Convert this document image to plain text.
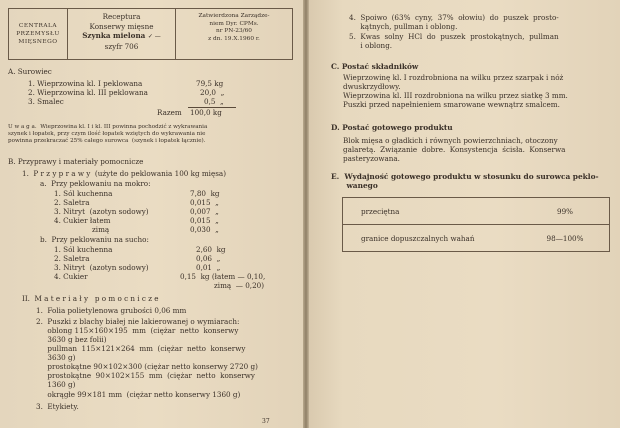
CENTRALA
PRZEMYSŁU
MIĘSNEGO
Receptura
Konserwy mięsne
Szynka mielona ✓ —
szyfr 706
Zatwierdzona Zarządze-
niem Dyr. CPMs.
nr PN-23/60
z dn. 19.X.1960 r.
A. Surowiec
1. Wieprzowina kl. I peklowana	79,5 kg
2. Wieprzowina kl. III peklowana	20,0  „
3. Smalec	0,5  „
Razem 100,0 kg
U w a g a.  Wieprzowina kl. I i kl. III powinna pochodzić z wykrawania
szynek i łopatek, przy czym ilość łopatek wziętych do wykrawania nie
powinna przekraczać 25% całego surowca  (szynek i łopatek łącznie).
B. Przyprawy i materiały pomocnicze
1.  P r z y p r a w y  (użyte do peklowania 100 kg mięsa)
a.  Przy peklowaniu na mokro:
1. Sól kuchenna	7,80  kg
2. Saletra	0,015  „
3. Nitryt  (azotyn sodowy)	0,007  „
4. Cukier łatem	0,015  „
zimą	0,030  „
b.  Przy peklowaniu na sucho:
1. Sól kuchenna	2,60  kg
2. Saletra	0,06  „
3. Nitryt  (azotyn sodowy)	0,01  „
4. Cukier	0,15  kg (łatem — 0,10,
zimą  — 0,20)
II.  M a t e r i a ł y   p o m o c n i c z e
1.  Folia polietylenowa grubości 0,06 mm
2.  Puszki z blachy białej nie lakierowanej o wymiarach:
oblong 115×160×195  mm  (ciężar  netto  konserwy
3630 g bez folii)
pullman  115×121×264  mm  (ciężar  netto  konserwy
3630 g)
prostokątne 90×102×300 (ciężar netto konserwy 2720 g)
prostokątne  90×102×155  mm  (ciężar  netto  konserwy
1360 g)
okrągłe 99×181 mm  (ciężar netto konserwy 1360 g)
3.  Etykiety.
37
4.  Spoiwo  (63%  cyny,  37%  ołowiu)  do  puszek  prosto-
kątnych, pullman i oblong.
5.  Kwas  solny  HCl  do  puszek  prostokątnych,  pullman
i oblong.
C. Postać składników
Wieprzowinę kl. I rozdrobniona na wilku przez szarpak i nóż
dwuskrzydłowy.
Wieprzowina kl. III rozdrobniona na wilku przez siatkę 3 mm.
Puszki przed napełnieniem smarowane wewnątrz smalcem.
D. Postać gotowego produktu
Blok mięsa o gładkich i równych powierzchniach, otoczony
galaretą.  Związanie  dobre.  Konsystencja  ścisła.  Konserwa
pasteryzowana.
E.  Wydajność gotowego produktu w stosunku do surowca peklo-
wanego
przeciętna	99%
granice dopuszczalnych wahań	98—100%
